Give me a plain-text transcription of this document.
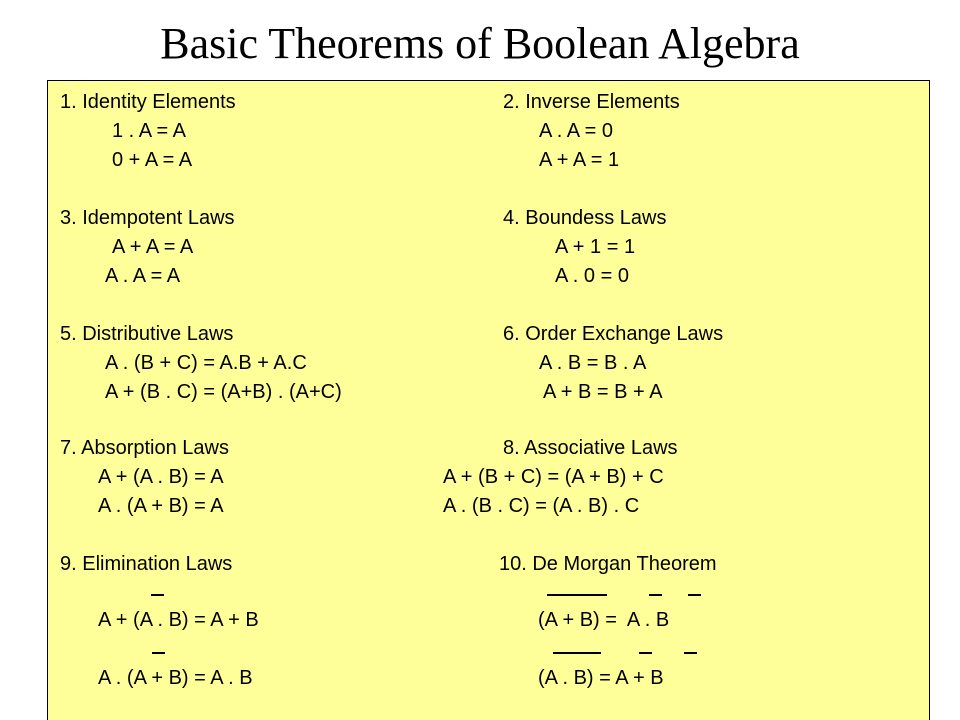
Basic Theorems of Boolean Algebra
1. Identity Elements
1 . A = A
0 + A = A
2. Inverse Elements
A . A = 0
A + A = 1
3. Idempotent Laws
A + A = A
A . A = A
4. Boundess Laws
A + 1 = 1
A . 0 = 0
5. Distributive Laws
A . (B + C) = A.B + A.C
A + (B . C) = (A+B) . (A+C)
6. Order Exchange Laws
A . B = B . A
A + B = B + A
7. Absorption Laws
A + (A . B) = A
A . (A + B) = A
8. Associative Laws
A + (B + C) = (A + B) + C
A . (B . C) = (A . B) . C
9. Elimination Laws
A + (A . B) = A + B
A . (A + B) = A . B
10. De Morgan Theorem
(A + B) =  A . B
(A . B) = A + B
